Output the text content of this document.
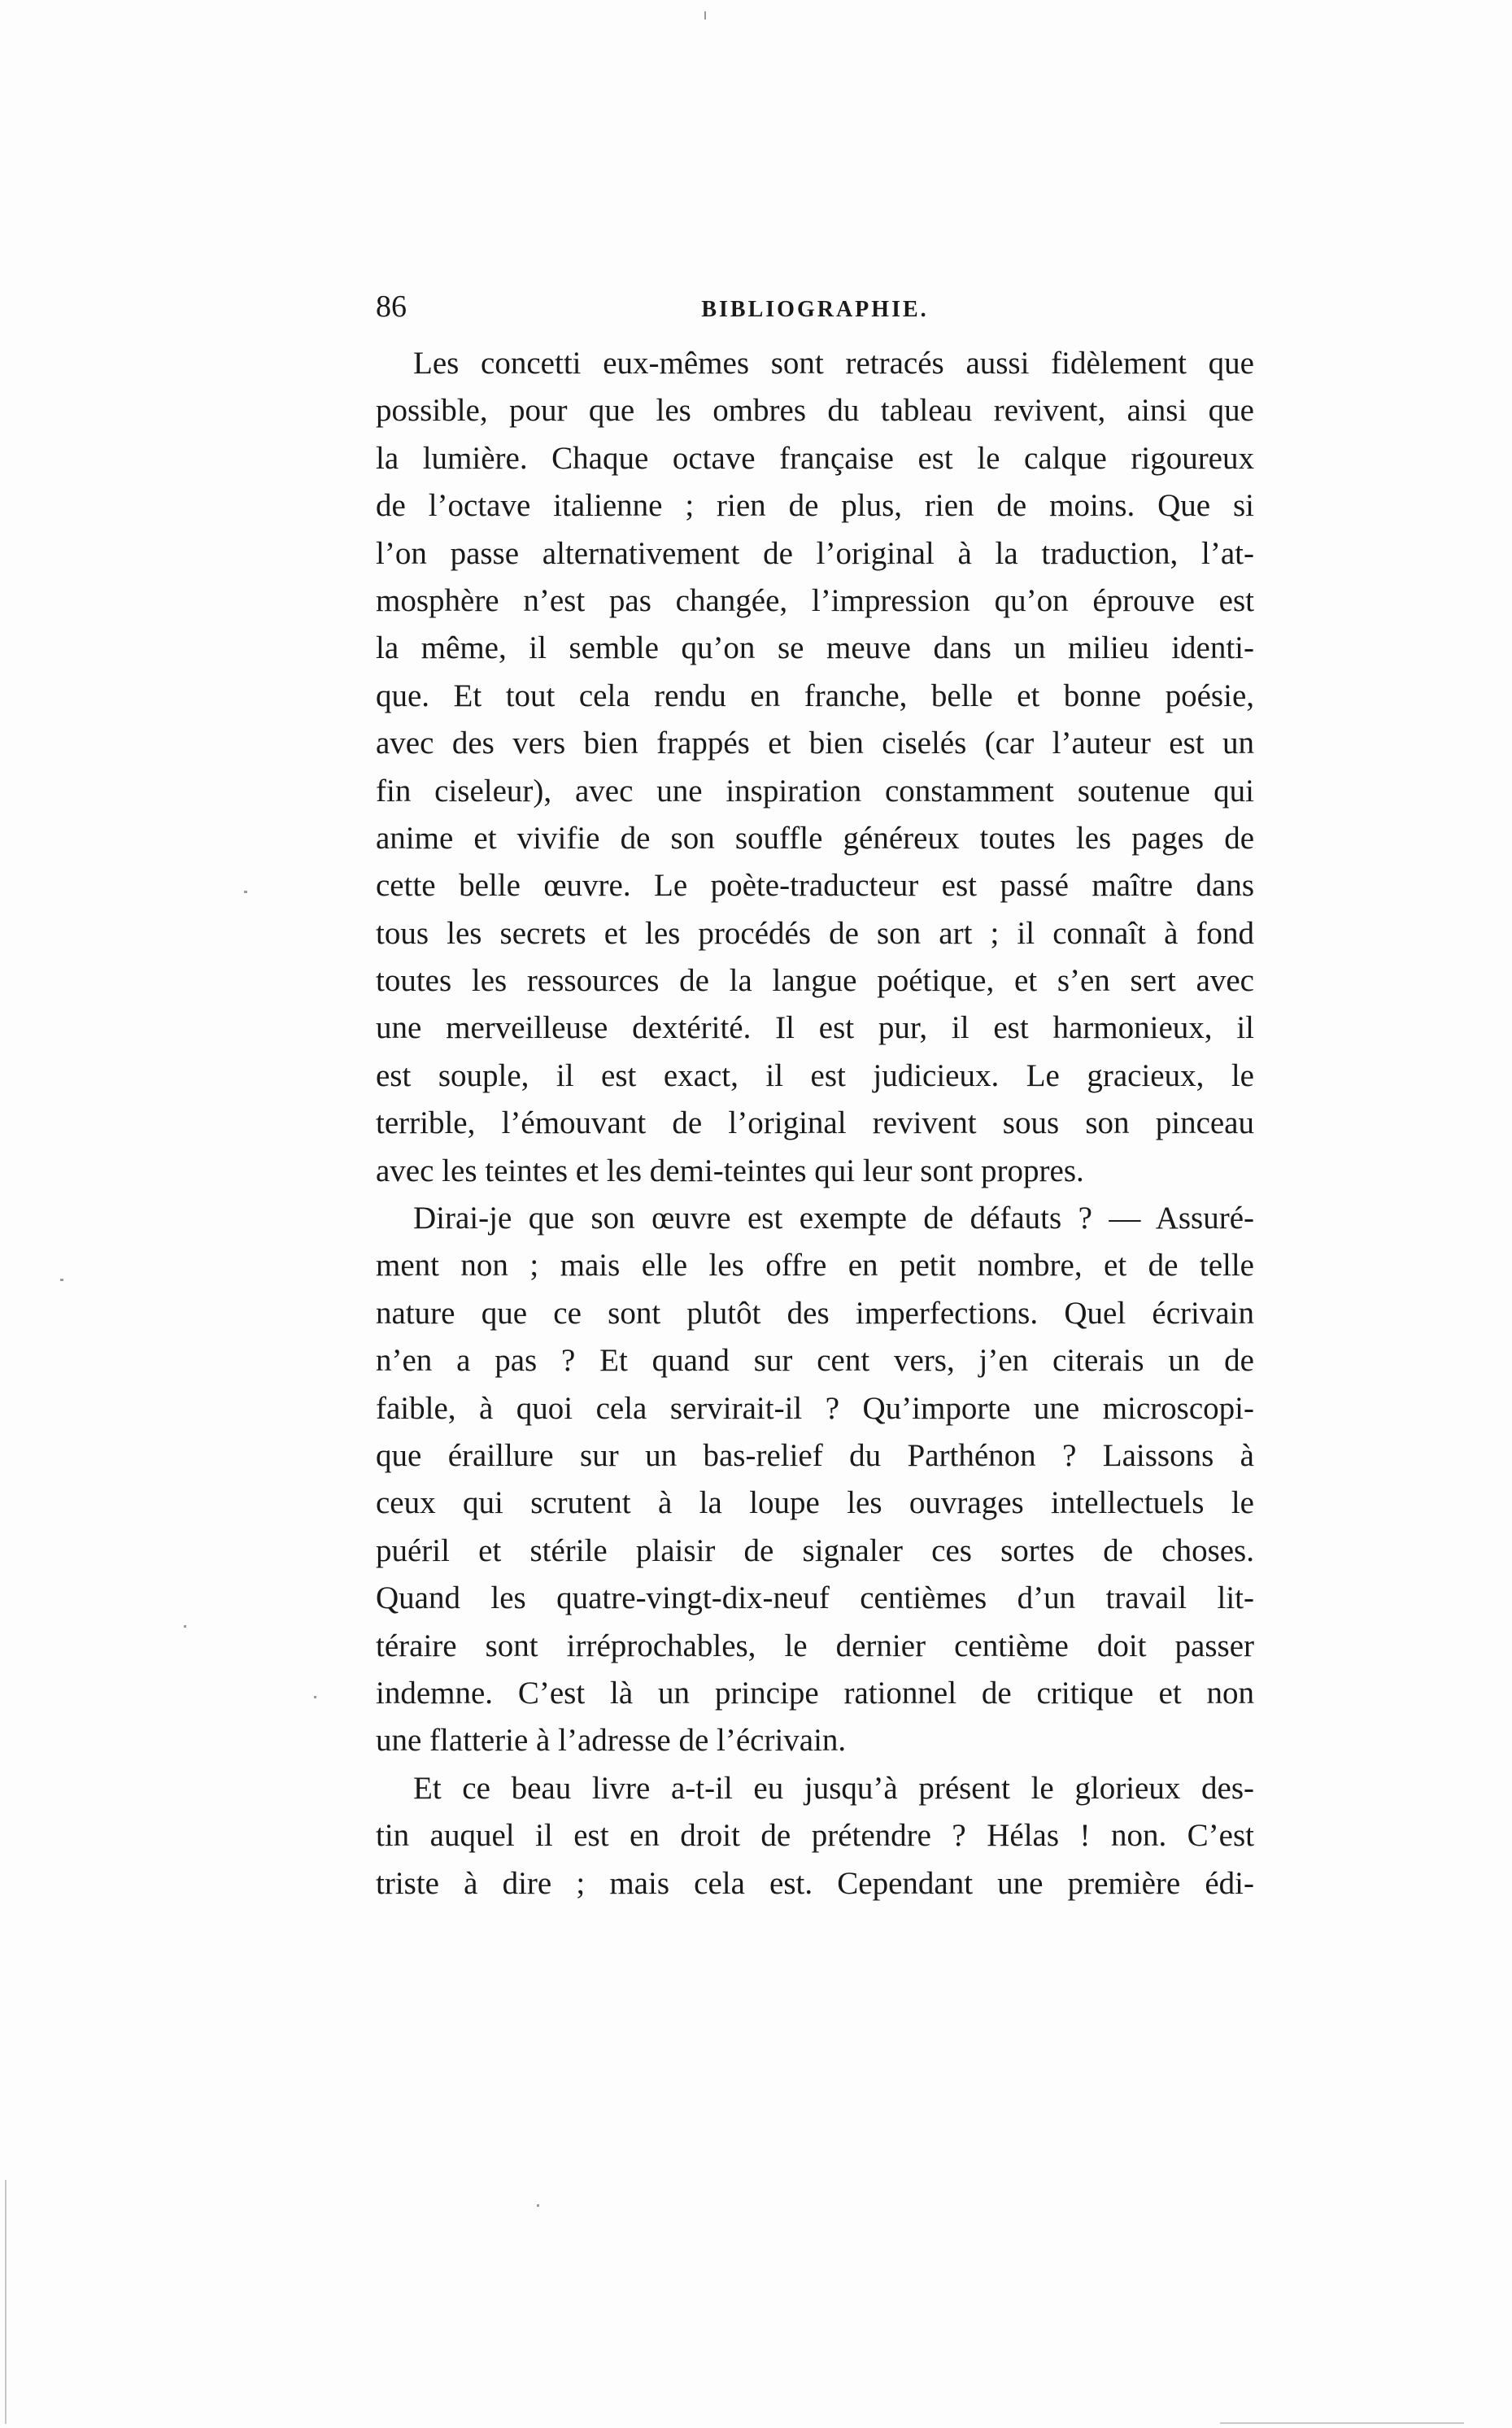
86	BIBLIOGRAPHIE.
Les concetti eux-mêmes sont retracés aussi fidèlement que
possible, pour que les ombres du tableau revivent, ainsi que
la lumière. Chaque octave française est le calque rigoureux
de l’octave italienne ; rien de plus, rien de moins. Que si
l’on passe alternativement de l’original à la traduction, l’at-
mosphère n’est pas changée, l’impression qu’on éprouve est
la même, il semble qu’on se meuve dans un milieu identi-
que. Et tout cela rendu en franche, belle et bonne poésie,
avec des vers bien frappés et bien ciselés (car l’auteur est un
fin ciseleur), avec une inspiration constamment soutenue qui
anime et vivifie de son souffle généreux toutes les pages de
cette belle œuvre. Le poète-traducteur est passé maître dans
tous les secrets et les procédés de son art ; il connaît à fond
toutes les ressources de la langue poétique, et s’en sert avec
une merveilleuse dextérité. Il est pur, il est harmonieux, il
est souple, il est exact, il est judicieux. Le gracieux, le
terrible, l’émouvant de l’original revivent sous son pinceau
avec les teintes et les demi-teintes qui leur sont propres.
Dirai-je que son œuvre est exempte de défauts ? — Assuré-
ment non ; mais elle les offre en petit nombre, et de telle
nature que ce sont plutôt des imperfections. Quel écrivain
n’en a pas ? Et quand sur cent vers, j’en citerais un de
faible, à quoi cela servirait-il ? Qu’importe une microscopi-
que éraillure sur un bas-relief du Parthénon ? Laissons à
ceux qui scrutent à la loupe les ouvrages intellectuels le
puéril et stérile plaisir de signaler ces sortes de choses.
Quand les quatre-vingt-dix-neuf centièmes d’un travail lit-
téraire sont irréprochables, le dernier centième doit passer
indemne. C’est là un principe rationnel de critique et non
une flatterie à l’adresse de l’écrivain.
Et ce beau livre a-t-il eu jusqu’à présent le glorieux des-
tin auquel il est en droit de prétendre ? Hélas ! non. C’est
triste à dire ; mais cela est. Cependant une première édi-
